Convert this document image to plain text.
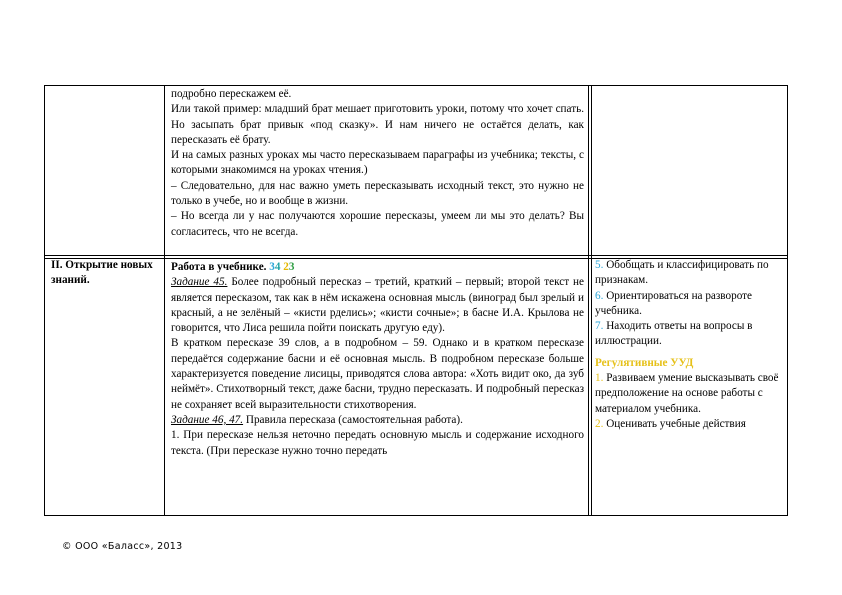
подробно перескажем её.

Или такой пример: младший брат мешает приготовить уроки, потому что хочет спать. Но засыпать брат привык «под сказку». И нам ничего не остаётся делать, как пересказать её брату.

И на самых разных уроках мы часто пересказываем параграфы из учебника; тексты, с которыми знакомимся на уроках чтения.)

– Следовательно, для нас важно уметь пересказывать исходный текст, это нужно не только в учебе, но и вообще в жизни.

– Но всегда ли у нас получаются хорошие пересказы, умеем ли мы это делать? Вы согласитесь, что не всегда.

II. Открытие новых знаний.

Работа в учебнике. 34 23

Задание 45. Более подробный пересказ – третий, краткий – первый; второй текст не является пересказом, так как в нём искажена основная мысль (виноград был зрелый и красный, а не зелёный – «кисти рделись»; «кисти сочные»; в басне И.А. Крылова не говорится, что Лиса решила пойти поискать другую еду).

В кратком пересказе 39 слов, а в подробном – 59. Однако и в кратком пересказе передаётся содержание басни и её основная мысль. В подробном пересказе больше характеризуется поведение лисицы, приводятся слова автора: «Хоть видит око, да зуб неймёт». Стихотворный текст, даже басни, трудно пересказать. И подробный пересказ не сохраняет всей выразительности стихотворения.

Задание 46, 47. Правила пересказа (самостоятельная работа).

1. При пересказе нельзя неточно передать основную мысль и содержание исходного текста. (При пересказе нужно точно передать

5. Обобщать и классифицировать по признакам.

6. Ориентироваться на развороте учебника.

7. Находить ответы на вопросы в иллюстрации.

Регулятивные УУД

1. Развиваем умение высказывать своё предположение на основе работы с материалом учебника.

2. Оценивать учебные действия

© ООО «Баласс», 2013
